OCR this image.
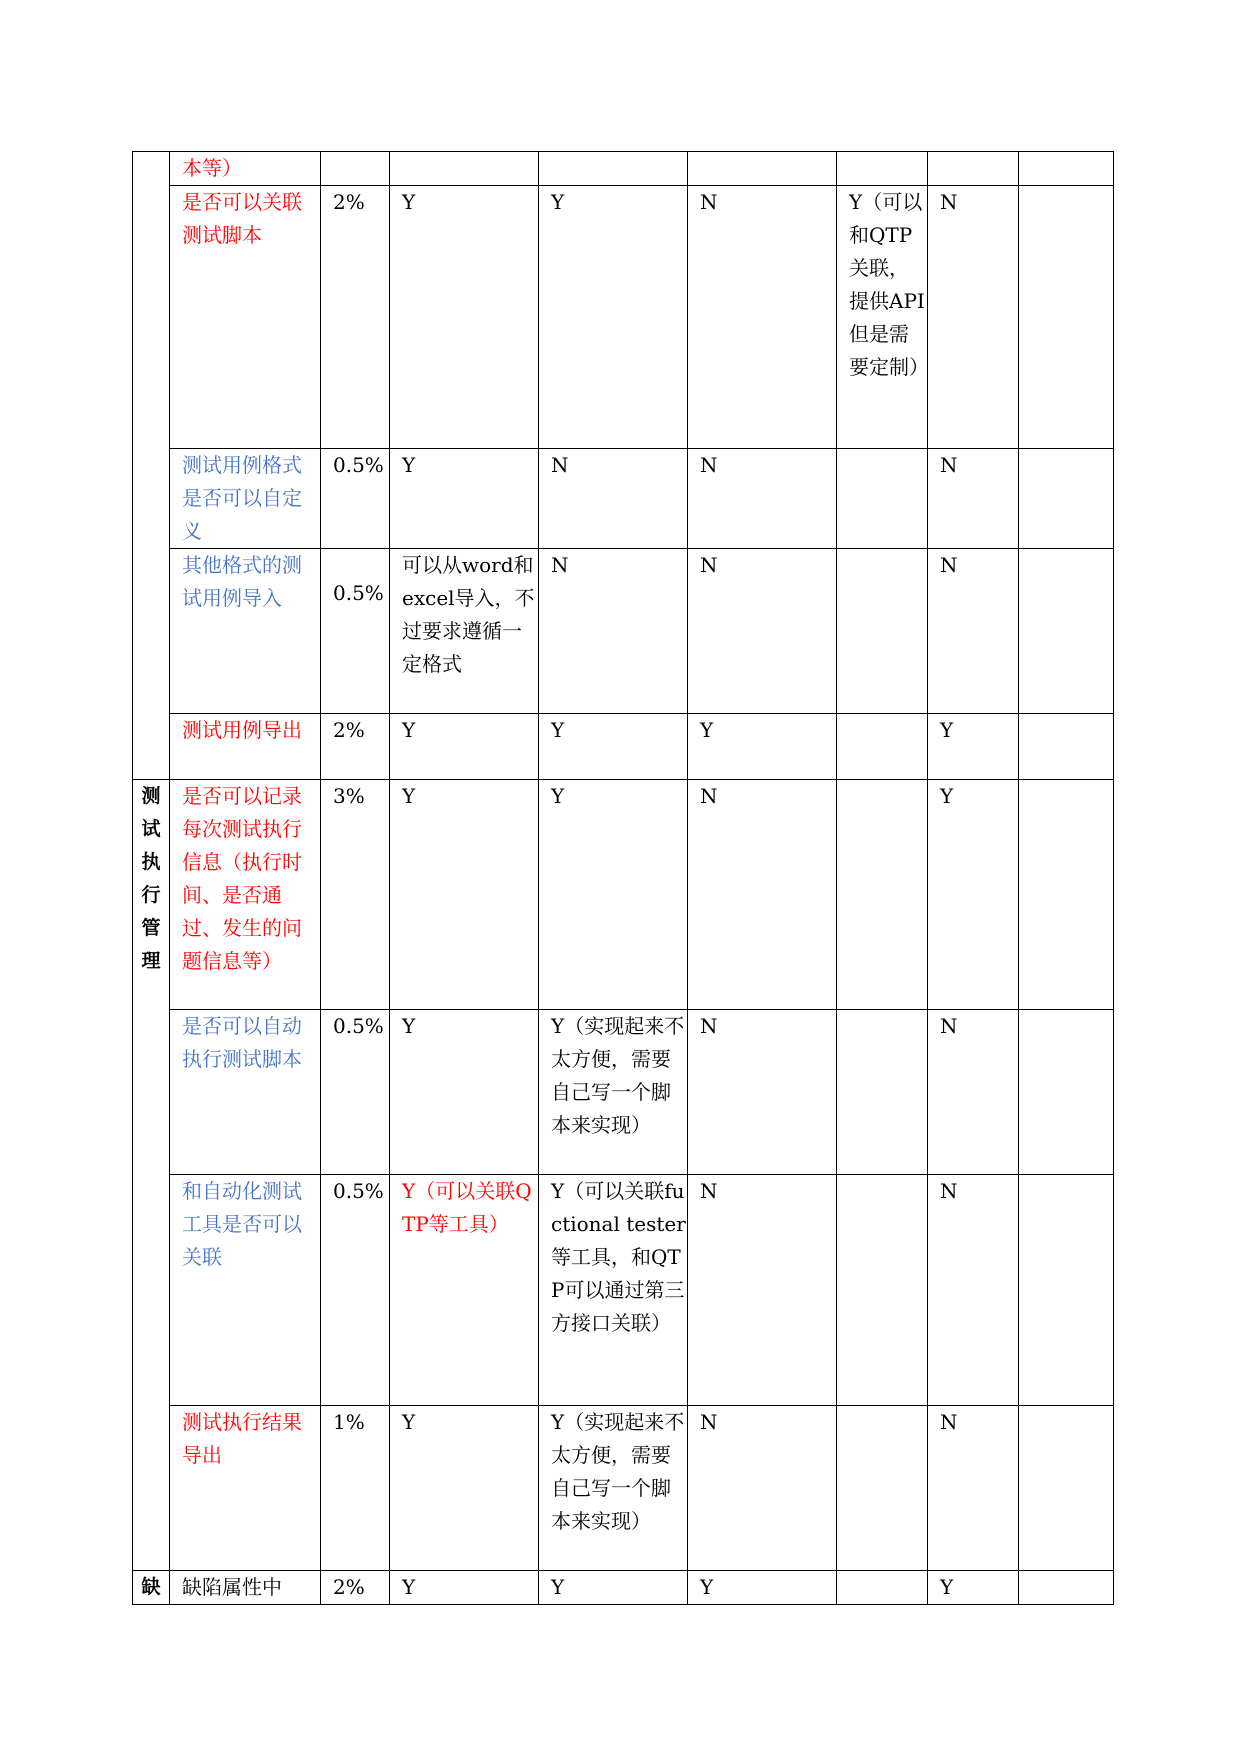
	本等）							
	是否可以关联测试脚本	2%	Y	Y	N	Y（可以和QTP关联，提供API但是需要定制）	N	
	测试用例格式是否可以自定义	0.5%	Y	N	N		N	
	其他格式的测试用例导入	0.5%	可以从word和excel导入，不过要求遵循一定格式	N	N		N	
	测试用例导出	2%	Y	Y	Y		Y	

测试执行管理	是否可以记录每次测试执行信息（执行时间、是否通过、发生的问题信息等）	3%	Y	Y	N		Y	
	是否可以自动执行测试脚本	0.5%	Y	Y（实现起来不太方便，需要自己写一个脚本来实现）	N		N	
	和自动化测试工具是否可以关联	0.5%	Y（可以关联QTP等工具）	Y（可以关联fuctional tester等工具，和QTP可以通过第三方接口关联）	N		N	
	测试执行结果导出	1%	Y	Y（实现起来不太方便，需要自己写一个脚本来实现）	N		N	

缺	缺陷属性中	2%	Y	Y	Y		Y	
